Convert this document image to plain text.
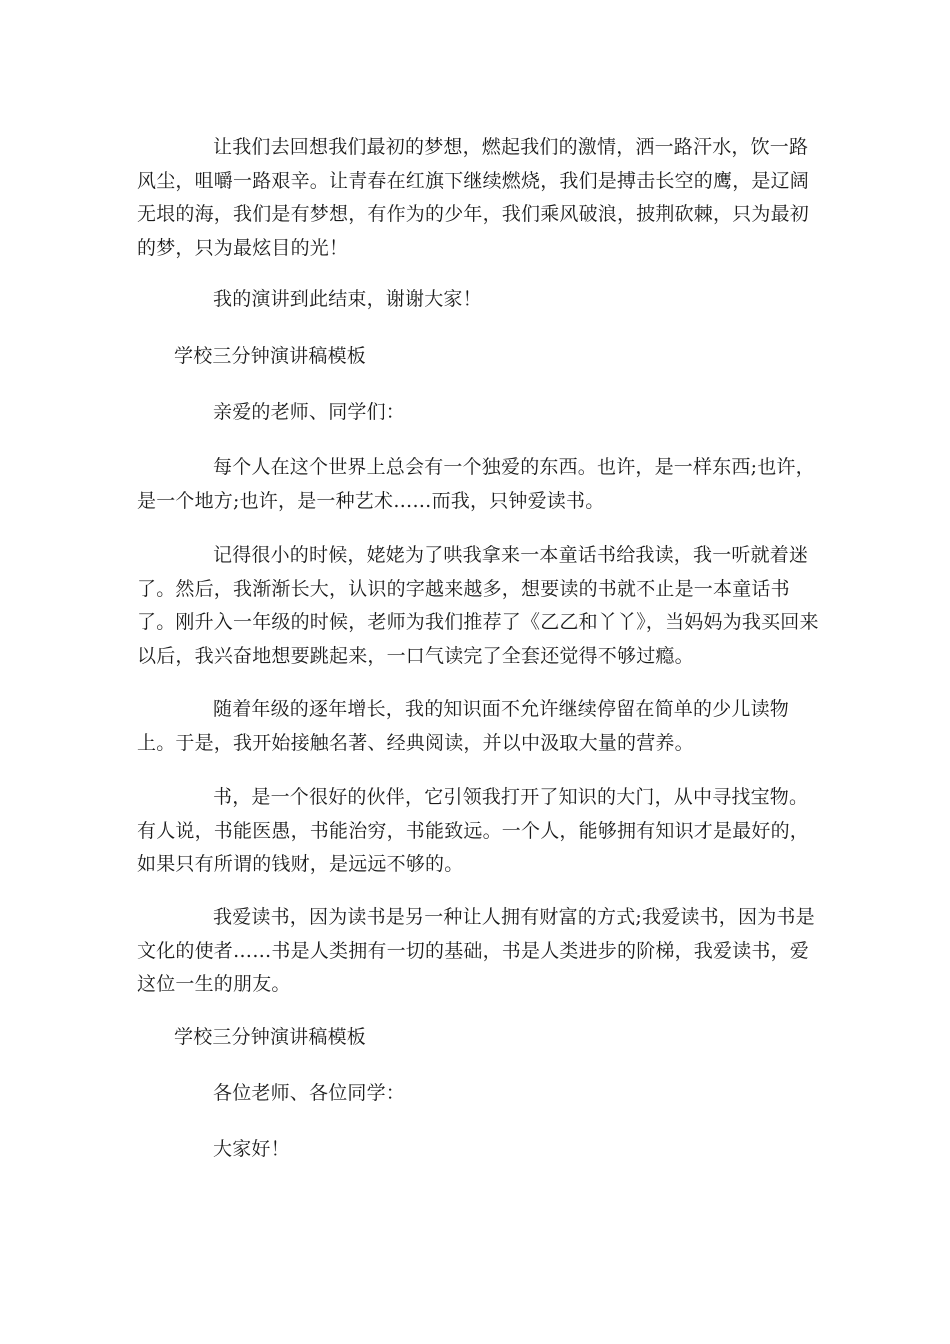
让我们去回想我们最初的梦想，燃起我们的激情，洒一路汗水，饮一路风尘，咀嚼一路艰辛。让青春在红旗下继续燃烧，我们是搏击长空的鹰，是辽阔无垠的海，我们是有梦想，有作为的少年，我们乘风破浪，披荆砍棘，只为最初的梦，只为最炫目的光！

我的演讲到此结束，谢谢大家！

学校三分钟演讲稿模板

亲爱的老师、同学们：

每个人在这个世界上总会有一个独爱的东西。也许，是一样东西;也许，是一个地方;也许，是一种艺术……而我，只钟爱读书。

记得很小的时候，姥姥为了哄我拿来一本童话书给我读，我一听就着迷了。然后，我渐渐长大，认识的字越来越多，想要读的书就不止是一本童话书了。刚升入一年级的时候，老师为我们推荐了《乙乙和丫丫》，当妈妈为我买回来以后，我兴奋地想要跳起来，一口气读完了全套还觉得不够过瘾。

随着年级的逐年增长，我的知识面不允许继续停留在简单的少儿读物上。于是，我开始接触名著、经典阅读，并以中汲取大量的营养。

书，是一个很好的伙伴，它引领我打开了知识的大门，从中寻找宝物。有人说，书能医愚，书能治穷，书能致远。一个人，能够拥有知识才是最好的，如果只有所谓的钱财，是远远不够的。

我爱读书，因为读书是另一种让人拥有财富的方式;我爱读书，因为书是文化的使者……书是人类拥有一切的基础，书是人类进步的阶梯，我爱读书，爱这位一生的朋友。

学校三分钟演讲稿模板

各位老师、各位同学：

大家好！
